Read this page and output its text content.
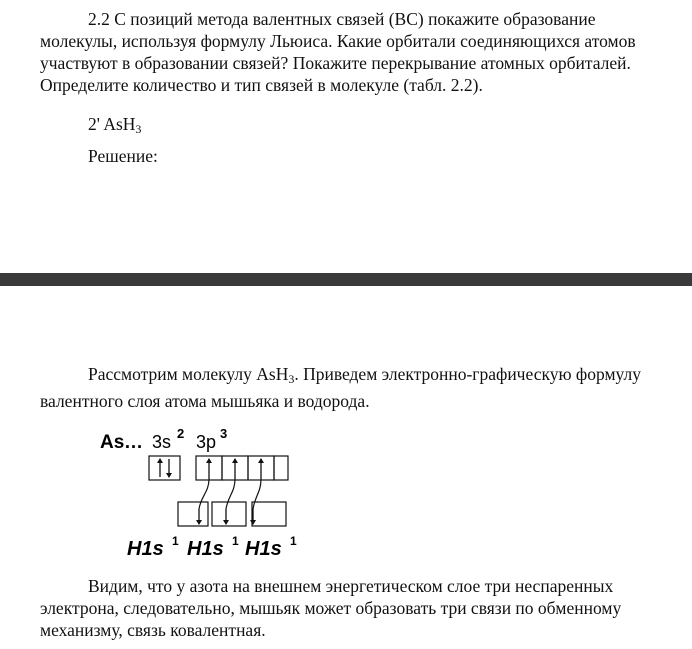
2.2 С позиций метода валентных связей (ВС) покажите образование молекулы, используя формулу Льюиса. Какие орбитали соединяющихся атомов участвуют в образовании связей? Покажите перекрывание атомных орбиталей. Определите количество и тип связей в молекуле (табл. 2.2).
2' AsH$_3$
Решение:
Рассмотрим молекулу AsH$_3$. Приведем электронно-графическую формулу валентного слоя атома мышьяка и водорода.
As … 3s 2 3p 3
H1s H1s H1s
1	1	1
Видим, что у азота на внешнем энергетическом слое три неспаренных электрона, следовательно, мышьяк может образовать три связи по обменному механизму, связь ковалентная.
